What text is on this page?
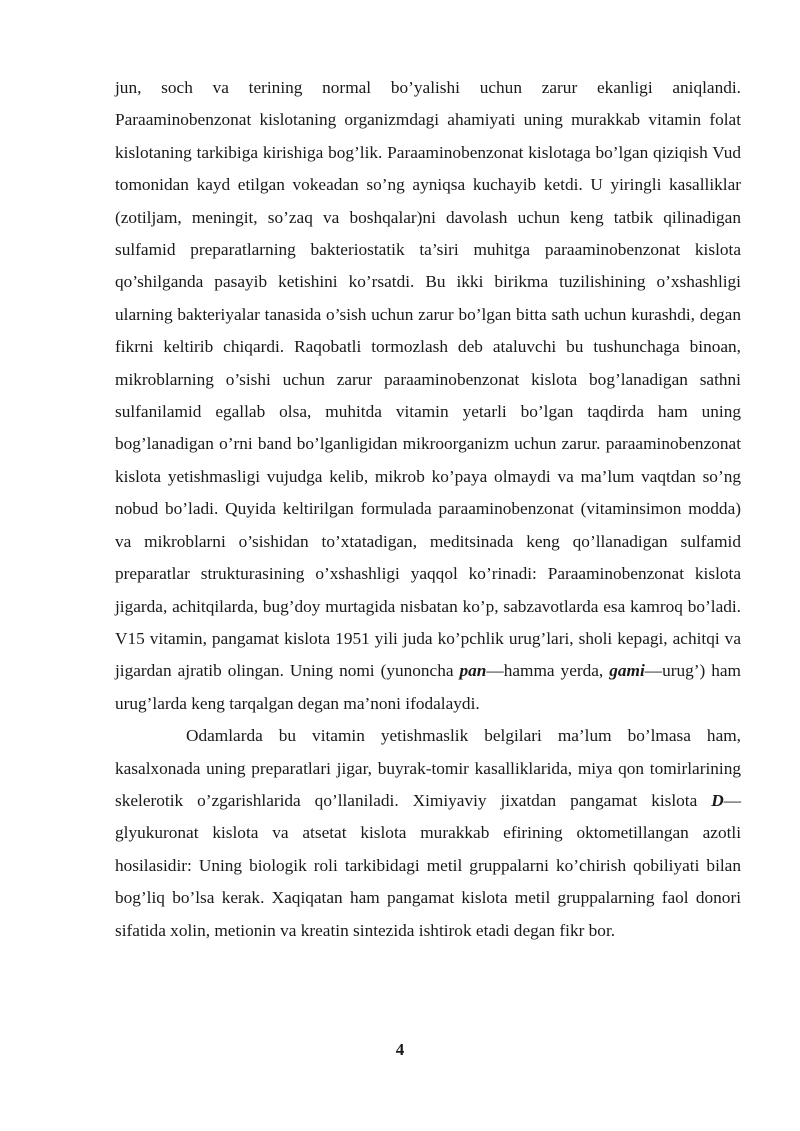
jun, soch va terining normal bo’yalishi uchun zarur ekanligi aniqlandi. Paraaminobenzonat kislotaning organizmdagi ahamiyati uning murakkab vitamin folat kislotaning tarkibiga kirishiga bog’lik. Paraaminobenzonat kislotaga bo’lgan qiziqish Vud tomonidan kayd etilgan vokeadan so’ng ayniqsa kuchayib ketdi. U yiringli kasalliklar (zotiljam, meningit, so’zaq va boshqalar)ni davolash uchun keng tatbik qilinadigan sulfamid preparatlarning bakteriostatik ta’siri muhitga paraaminobenzonat kislota qo’shilganda pasayib ketishini ko’rsatdi. Bu ikki birikma tuzilishining o’xshashligi ularning bakteriyalar tanasida o’sish uchun zarur bo’lgan bitta sath uchun kurashdi, degan fikrni keltirib chiqardi. Raqobatli tormozlash deb ataluvchi bu tushunchaga binoan, mikroblarning o’sishi uchun zarur paraaminobenzonat kislota bog’lanadigan sathni sulfanilamid egallab olsa, muhitda vitamin yetarli bo’lgan taqdirda ham uning bog’lanadigan o’rni band bo’lganligidan mikroorganizm uchun zarur. paraaminobenzonat kislota yetishmasligi vujudga kelib, mikrob ko’paya olmaydi va ma’lum vaqtdan so’ng nobud bo’ladi. Quyida keltirilgan formulada paraaminobenzonat (vitaminsimon modda) va mikroblarni o’sishidan to’xtatadigan, meditsinada keng qo’llanadigan sulfamid preparatlar strukturasining o’xshashligi yaqqol ko’rinadi: Paraaminobenzonat kislota jigarda, achitqilarda, bug’doy murtagida nisbatan ko’p, sabzavotlarda esa kamroq bo’ladi. V15 vitamin, pangamat kislota 1951 yili juda ko’pchlik urug’lari, sholi kepagi, achitqi va jigardan ajratib olingan. Uning nomi (yunoncha pan—hamma yerda, gami—urug’) ham urug’larda keng tarqalgan degan ma’noni ifodalaydi.

Odamlarda bu vitamin yetishmaslik belgilari ma’lum bo’lmasa ham, kasalxonada uning preparatlari jigar, buyrak-tomir kasalliklarida, miya qon tomirlarining skelerotik o’zgarishlarida qo’llaniladi. Ximiyaviy jixatdan pangamat kislota D—glyukuronat kislota va atsetat kislota murakkab efirining oktometillangan azotli hosilasidir: Uning biologik roli tarkibidagi metil gruppalarni ko’chirish qobiliyati bilan bog’liq bo’lsa kerak. Xaqiqatan ham pangamat kislota metil gruppalarning faol donori sifatida xolin, metionin va kreatin sintezida ishtirok etadi degan fikr bor.

4
